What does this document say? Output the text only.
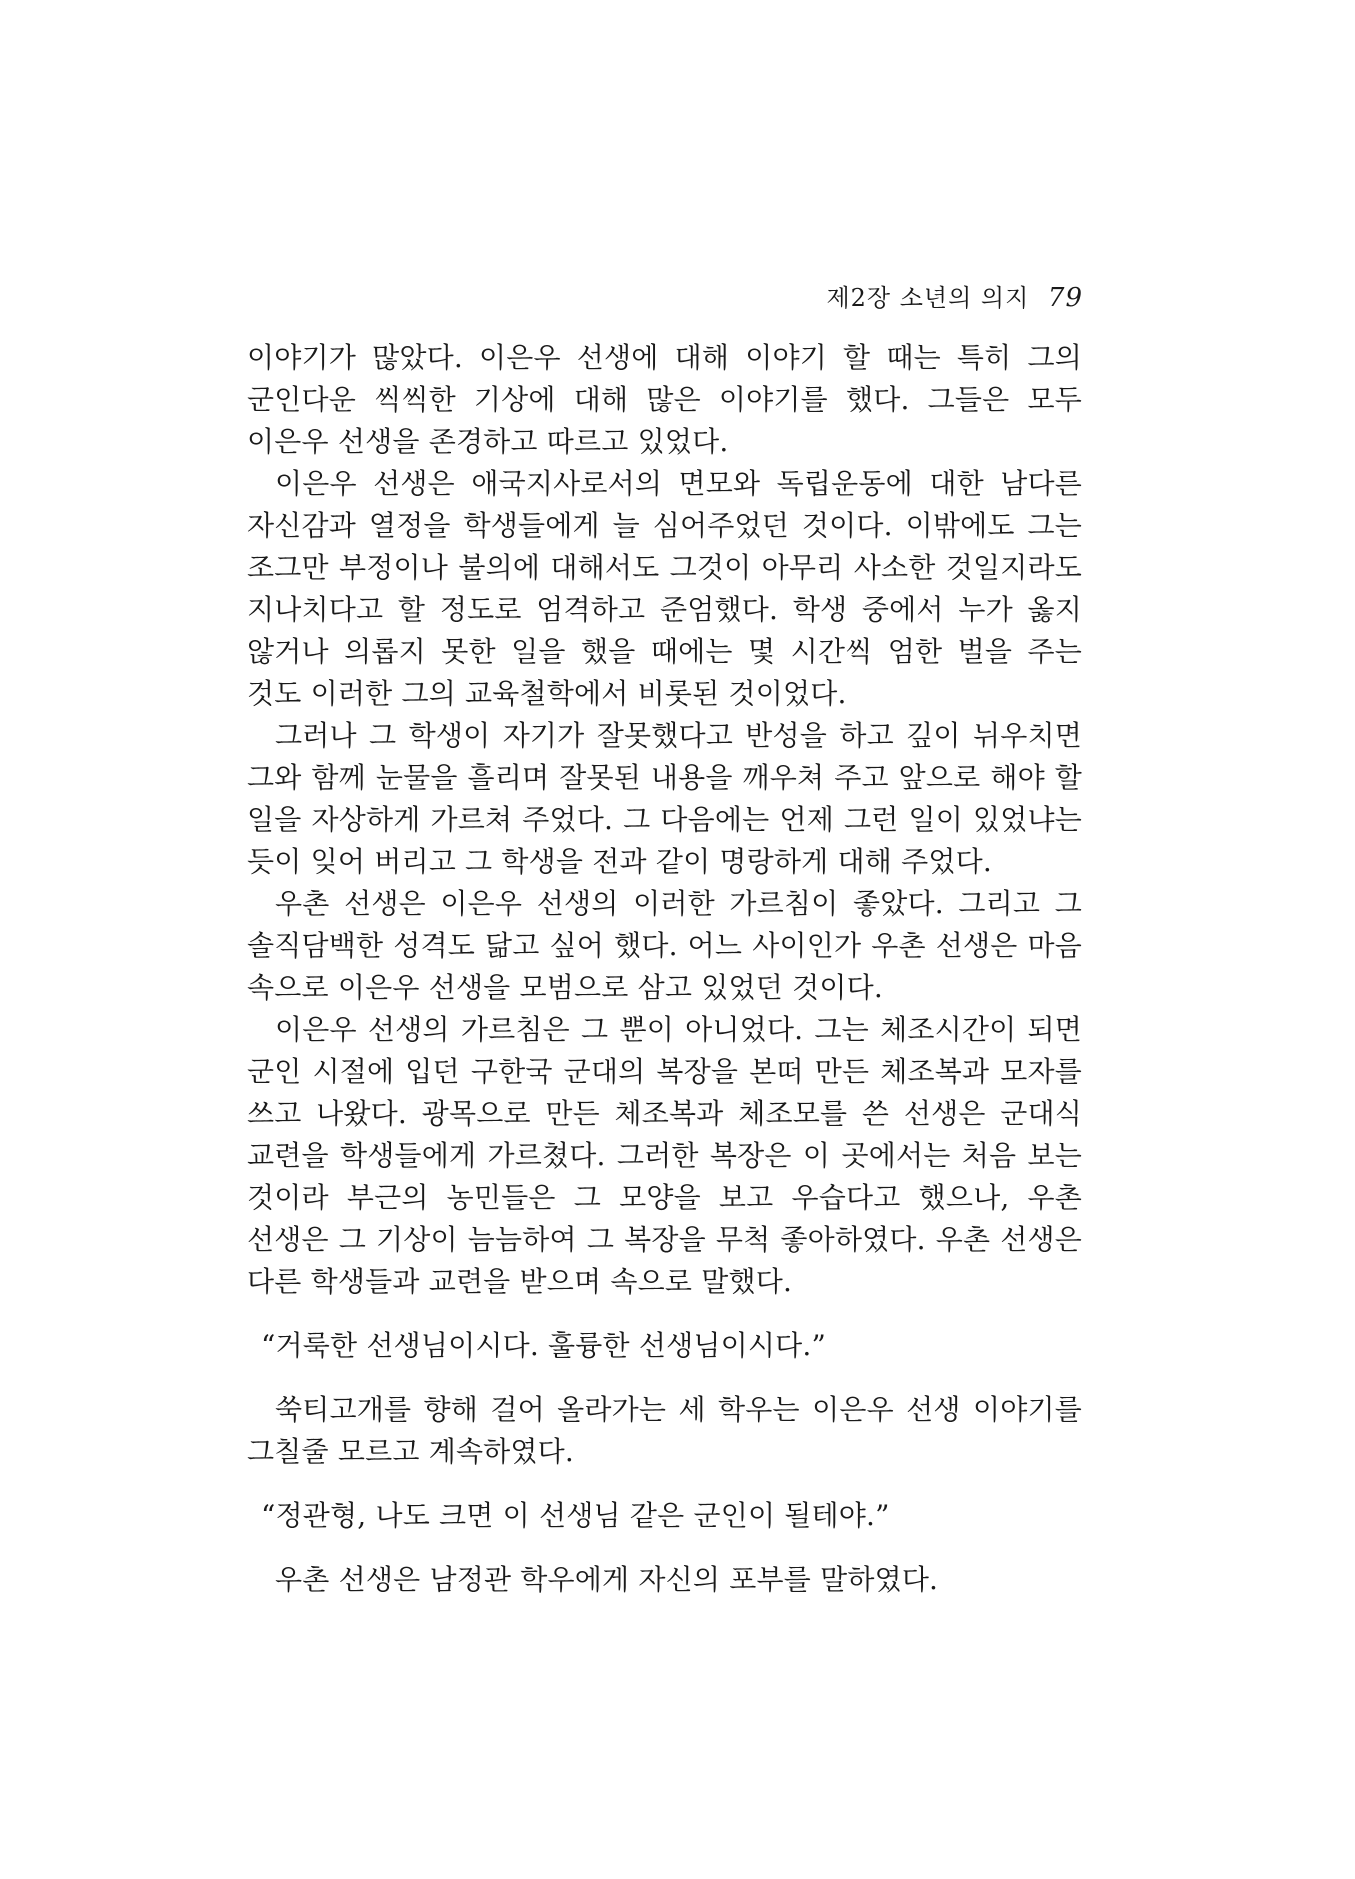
제2장 소년의 의지 79

이야기가 많았다. 이은우 선생에 대해 이야기 할 때는 특히 그의 군인다운 씩씩한 기상에 대해 많은 이야기를 했다. 그들은 모두 이은우 선생을 존경하고 따르고 있었다.

이은우 선생은 애국지사로서의 면모와 독립운동에 대한 남다른 자신감과 열정을 학생들에게 늘 심어주었던 것이다. 이밖에도 그는 조그만 부정이나 불의에 대해서도 그것이 아무리 사소한 것일지라도 지나치다고 할 정도로 엄격하고 준엄했다. 학생 중에서 누가 옳지 않거나 의롭지 못한 일을 했을 때에는 몇 시간씩 엄한 벌을 주는 것도 이러한 그의 교육철학에서 비롯된 것이었다.

그러나 그 학생이 자기가 잘못했다고 반성을 하고 깊이 뉘우치면 그와 함께 눈물을 흘리며 잘못된 내용을 깨우쳐 주고 앞으로 해야 할 일을 자상하게 가르쳐 주었다. 그 다음에는 언제 그런 일이 있었냐는 듯이 잊어 버리고 그 학생을 전과 같이 명랑하게 대해 주었다.

우촌 선생은 이은우 선생의 이러한 가르침이 좋았다. 그리고 그 솔직담백한 성격도 닮고 싶어 했다. 어느 사이인가 우촌 선생은 마음 속으로 이은우 선생을 모범으로 삼고 있었던 것이다.

이은우 선생의 가르침은 그 뿐이 아니었다. 그는 체조시간이 되면 군인 시절에 입던 구한국 군대의 복장을 본떠 만든 체조복과 모자를 쓰고 나왔다. 광목으로 만든 체조복과 체조모를 쓴 선생은 군대식 교련을 학생들에게 가르쳤다. 그러한 복장은 이 곳에서는 처음 보는 것이라 부근의 농민들은 그 모양을 보고 우습다고 했으나, 우촌 선생은 그 기상이 늠늠하여 그 복장을 무척 좋아하였다. 우촌 선생은 다른 학생들과 교련을 받으며 속으로 말했다.

“거룩한 선생님이시다. 훌륭한 선생님이시다.”

쑥티고개를 향해 걸어 올라가는 세 학우는 이은우 선생 이야기를 그칠줄 모르고 계속하였다.

“정관형, 나도 크면 이 선생님 같은 군인이 될테야.”

우촌 선생은 남정관 학우에게 자신의 포부를 말하였다.
